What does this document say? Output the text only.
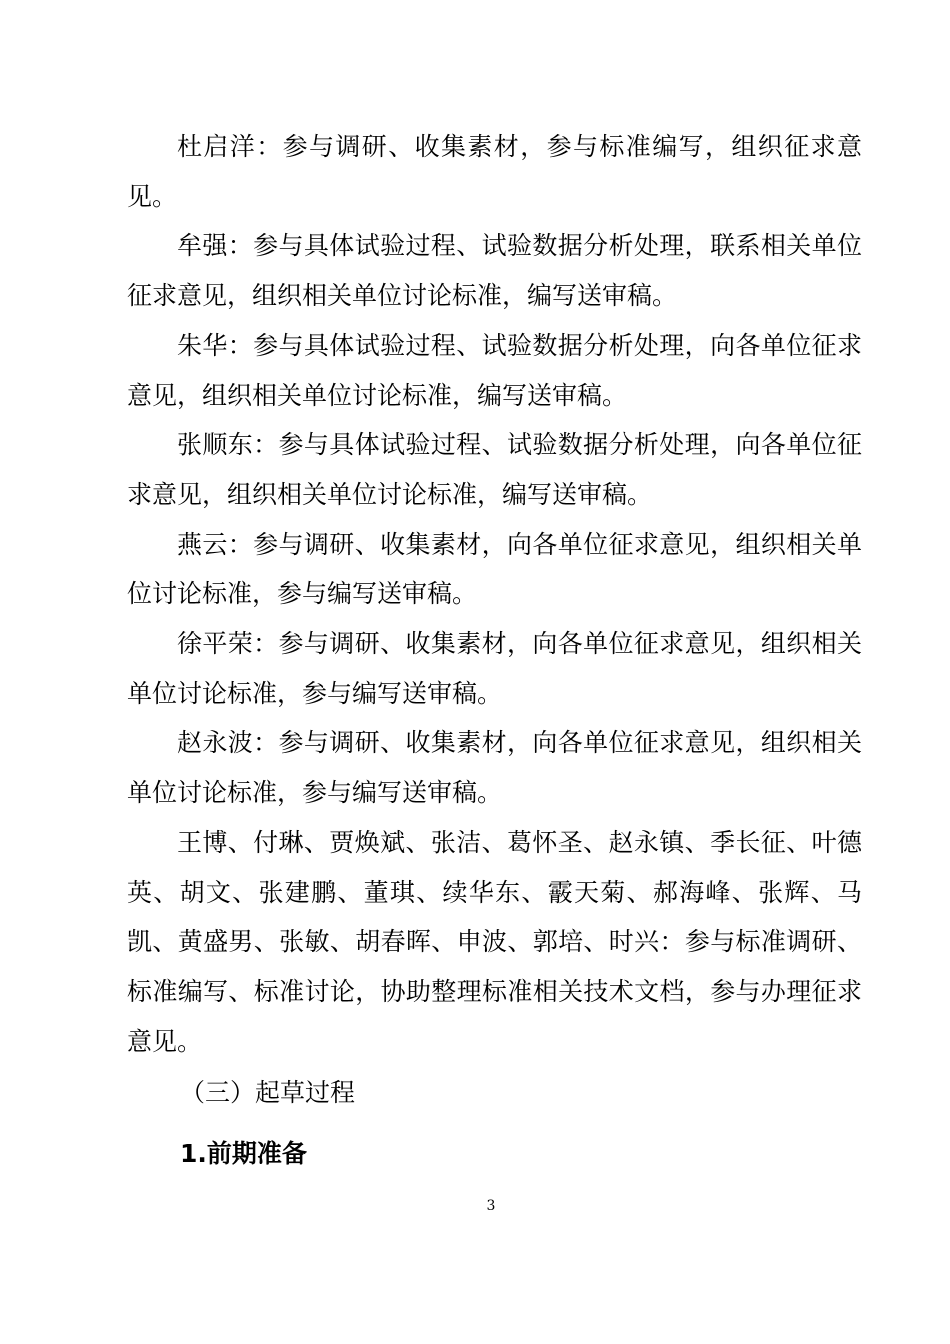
杜启洋：参与调研、收集素材，参与标准编写，组织征求意见。

牟强：参与具体试验过程、试验数据分析处理，联系相关单位征求意见，组织相关单位讨论标准，编写送审稿。

朱华：参与具体试验过程、试验数据分析处理，向各单位征求意见，组织相关单位讨论标准，编写送审稿。

张顺东：参与具体试验过程、试验数据分析处理，向各单位征求意见，组织相关单位讨论标准，编写送审稿。

燕云：参与调研、收集素材，向各单位征求意见，组织相关单位讨论标准，参与编写送审稿。

徐平荣：参与调研、收集素材，向各单位征求意见，组织相关单位讨论标准，参与编写送审稿。

赵永波：参与调研、收集素材，向各单位征求意见，组织相关单位讨论标准，参与编写送审稿。

王博、付琳、贾焕斌、张洁、葛怀圣、赵永镇、季长征、叶德英、胡文、张建鹏、董琪、续华东、霰天菊、郝海峰、张辉、马凯、黄盛男、张敏、胡春晖、申波、郭培、时兴：参与标准调研、标准编写、标准讨论，协助整理标准相关技术文档，参与办理征求意见。

（三）起草过程

1.前期准备

3
